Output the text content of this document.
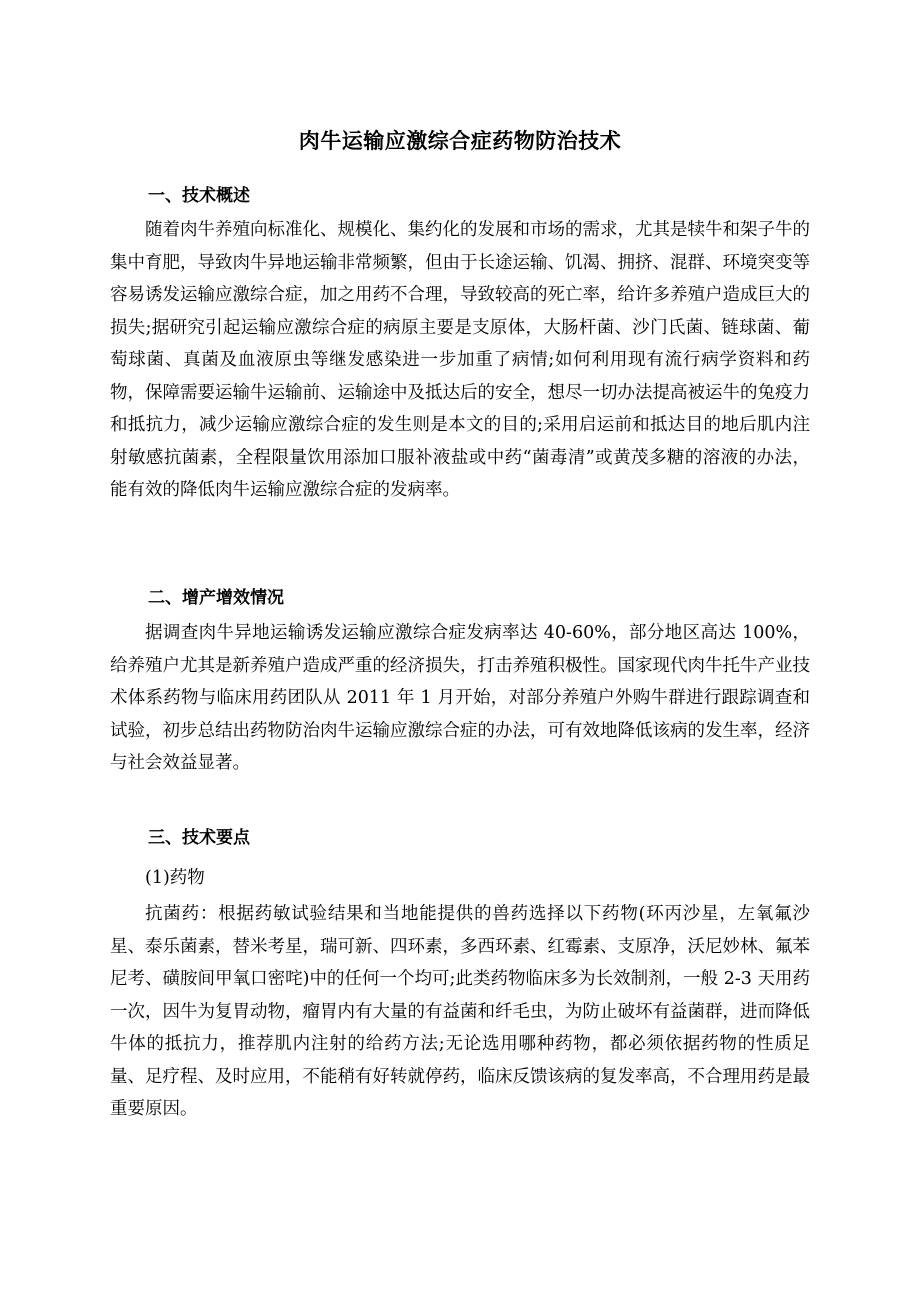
肉牛运输应激综合症药物防治技术
一、技术概述
随着肉牛养殖向标准化、规模化、集约化的发展和市场的需求，尤其是犊牛和架子牛的集中育肥，导致肉牛异地运输非常频繁，但由于长途运输、饥渴、拥挤、混群、环境突变等容易诱发运输应激综合症，加之用药不合理，导致较高的死亡率，给许多养殖户造成巨大的损失;据研究引起运输应激综合症的病原主要是支原体，大肠杆菌、沙门氏菌、链球菌、葡萄球菌、真菌及血液原虫等继发感染进一步加重了病情;如何利用现有流行病学资料和药物，保障需要运输牛运输前、运输途中及抵达后的安全，想尽一切办法提高被运牛的兔疫力和抵抗力，减少运输应激综合症的发生则是本文的目的;采用启运前和抵达目的地后肌内注射敏感抗菌素，全程限量饮用添加口服补液盐或中药“菌毒清”或黄茂多糖的溶液的办法，能有效的降低肉牛运输应激综合症的发病率。
二、增产增效情况
据调查肉牛异地运输诱发运输应激综合症发病率达 40-60%，部分地区高达 100%，给养殖户尤其是新养殖户造成严重的经济损失，打击养殖积极性。国家现代肉牛托牛产业技术体系药物与临床用药团队从 2011 年 1 月开始，对部分养殖户外购牛群进行跟踪调查和试验，初步总结出药物防治肉牛运输应激综合症的办法，可有效地降低该病的发生率，经济与社会效益显著。
三、技术要点
(1)药物
抗菌药：根据药敏试验结果和当地能提供的兽药选择以下药物(环丙沙星，左氧氟沙星、泰乐菌素，替米考星，瑞可新、四环素，多西环素、红霉素、支原净，沃尼妙林、氟苯尼考、磺胺间甲氧口密咤)中的任何一个均可;此类药物临床多为长效制剂，一般 2-3 天用药一次，因牛为复胃动物，瘤胃内有大量的有益菌和纤毛虫，为防止破坏有益菌群，进而降低牛体的抵抗力，推荐肌内注射的给药方法;无论选用哪种药物，都必须依据药物的性质足量、足疗程、及时应用，不能稍有好转就停药，临床反馈该病的复发率高，不合理用药是最重要原因。
